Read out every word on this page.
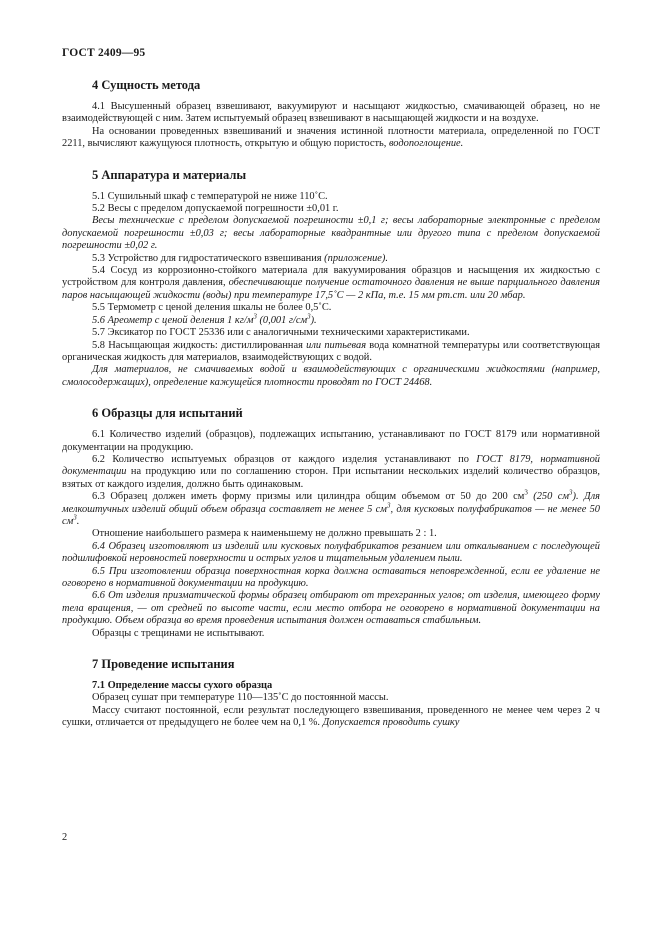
ГОСТ 2409—95
4 Сущность метода

4.1 Высушенный образец взвешивают, вакуумируют и насыщают жидкостью, смачивающей образец, но не взаимодействующей с ним. Затем испытуемый образец взвешивают в насыщающей жидкости и на воздухе.

На основании проведенных взвешиваний и значения истинной плотности материала, определенной по ГОСТ 2211, вычисляют кажущуюся плотность, открытую и общую пористость, водопоглощение.

5 Аппаратура и материалы

5.1 Сушильный шкаф с температурой не ниже 110˚С.

5.2 Весы с пределом допускаемой погрешности ±0,01 г.

Весы технические с пределом допускаемой погрешности ±0,1 г; весы лабораторные электронные с пределом допускаемой погрешности ±0,03 г; весы лабораторные квадрантные или другого типа с пределом допускаемой погрешности ±0,02 г.

5.3 Устройство для гидростатического взвешивания (приложение).

5.4 Сосуд из коррозионно-стойкого материала для вакуумирования образцов и насыщения их жидкостью с устройством для контроля давления, обеспечивающие получение остаточного давления не выше парциального давления паров насыщающей жидкости (воды) при температуре 17,5˚С — 2 кПа, т.е. 15 мм рт.ст. или 20 мбар.

5.5 Термометр с ценой деления шкалы не более 0,5˚С.

5.6 Ареометр с ценой деления 1 $кг/м^3$ (0,001 $г/см^3$).

5.7 Эксикатор по ГОСТ 25336 или с аналогичными техническими характеристиками.

5.8 Насыщающая жидкость: дистиллированная или питьевая вода комнатной температуры или соответствующая органическая жидкость для материалов, взаимодействующих с водой.

Для материалов, не смачиваемых водой и взаимодействующих с органическими жидкостями (например, смолосодержащих), определение кажущейся плотности проводят по ГОСТ 24468.

6 Образцы для испытаний

6.1 Количество изделий (образцов), подлежащих испытанию, устанавливают по ГОСТ 8179 или нормативной документации на продукцию.

6.2 Количество испытуемых образцов от каждого изделия устанавливают по ГОСТ 8179, нормативной документации на продукцию или по соглашению сторон. При испытании нескольких изделий количество образцов, взятых от каждого изделия, должно быть одинаковым.

6.3 Образец должен иметь форму призмы или цилиндра общим объемом от 50 до 200 $см^3$ (250 $см^3$). Для мелкоштучных изделий общий объем образца составляет не менее 5 $см^3$, для кусковых полуфабрикатов — не менее 50 $см^3$.

Отношение наибольшего размера к наименьшему не должно превышать 2 : 1.

6.4 Образец изготовляют из изделий или кусковых полуфабрикатов резанием или откалыванием с последующей подшлифовкой неровностей поверхности и острых углов и тщательным удалением пыли.

6.5 При изготовлении образца поверхностная корка должна оставаться неповрежденной, если ее удаление не оговорено в нормативной документации на продукцию.

6.6 От изделия призматической формы образец отбирают от трехгранных углов; от изделия, имеющего форму тела вращения, — от средней по высоте части, если место отбора не оговорено в нормативной документации на продукцию. Объем образца во время проведения испытания должен оставаться стабильным.

Образцы с трещинами не испытывают.

7 Проведение испытания
7.1 Определение массы сухого образца

Образец сушат при температуре 110—135˚С до постоянной массы.

Массу считают постоянной, если результат последующего взвешивания, проведенного не менее чем через 2 ч сушки, отличается от предыдущего не более чем на 0,1 %. Допускается проводить сушку

2
